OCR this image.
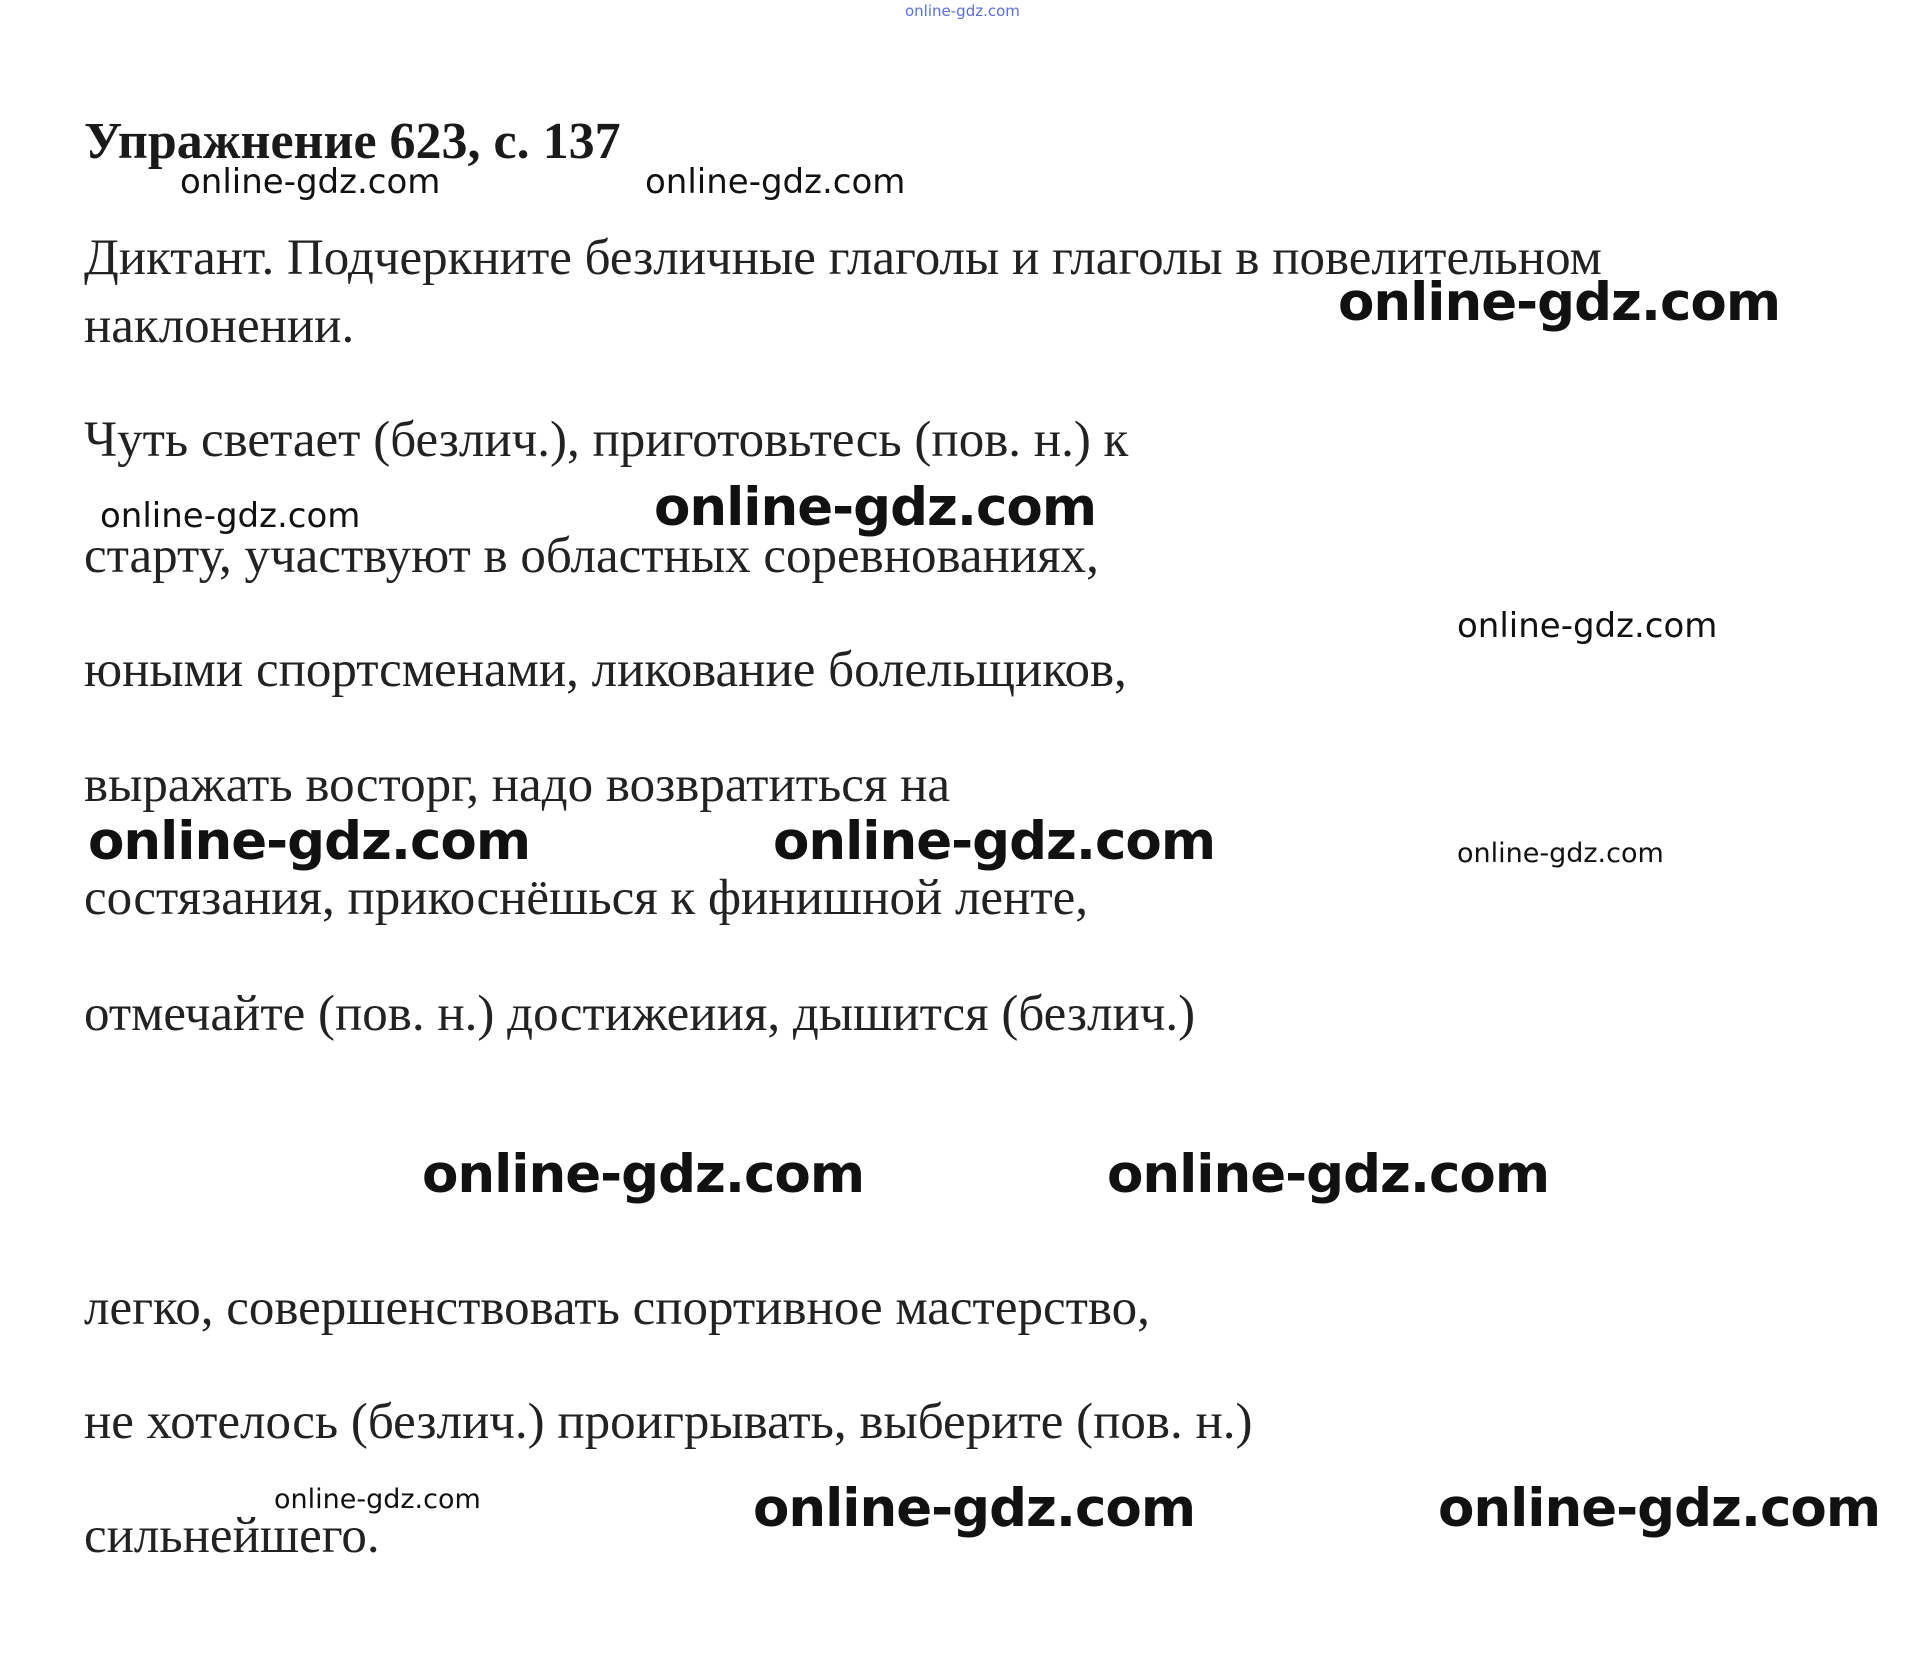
online-gdz.com
Упражнение 623, с. 137
online-gdz.com	online-gdz.com
Диктант. Подчеркните безличные глаголы и глаголы в повелительном
online-gdz.com
наклонении.
Чуть светает (безлич.), приготовьтесь (пов. н.) к
online-gdz.com	online-gdz.com
старту, участвуют в областных соревнованиях,
online-gdz.com
юными спортсменами, ликование болельщиков,
выражать восторг, надо возвратиться на
online-gdz.com	online-gdz.com	online-gdz.com
состязания, прикоснёшься к финишной ленте,
отмечайте (пов. н.) достижеиия, дышится (безлич.)
online-gdz.com	online-gdz.com
легко, совершенствовать спортивное мастерство,
не хотелось (безлич.) проигрывать, выберите (пов. н.)
online-gdz.com	online-gdz.com	online-gdz.com
сильнейшего.
